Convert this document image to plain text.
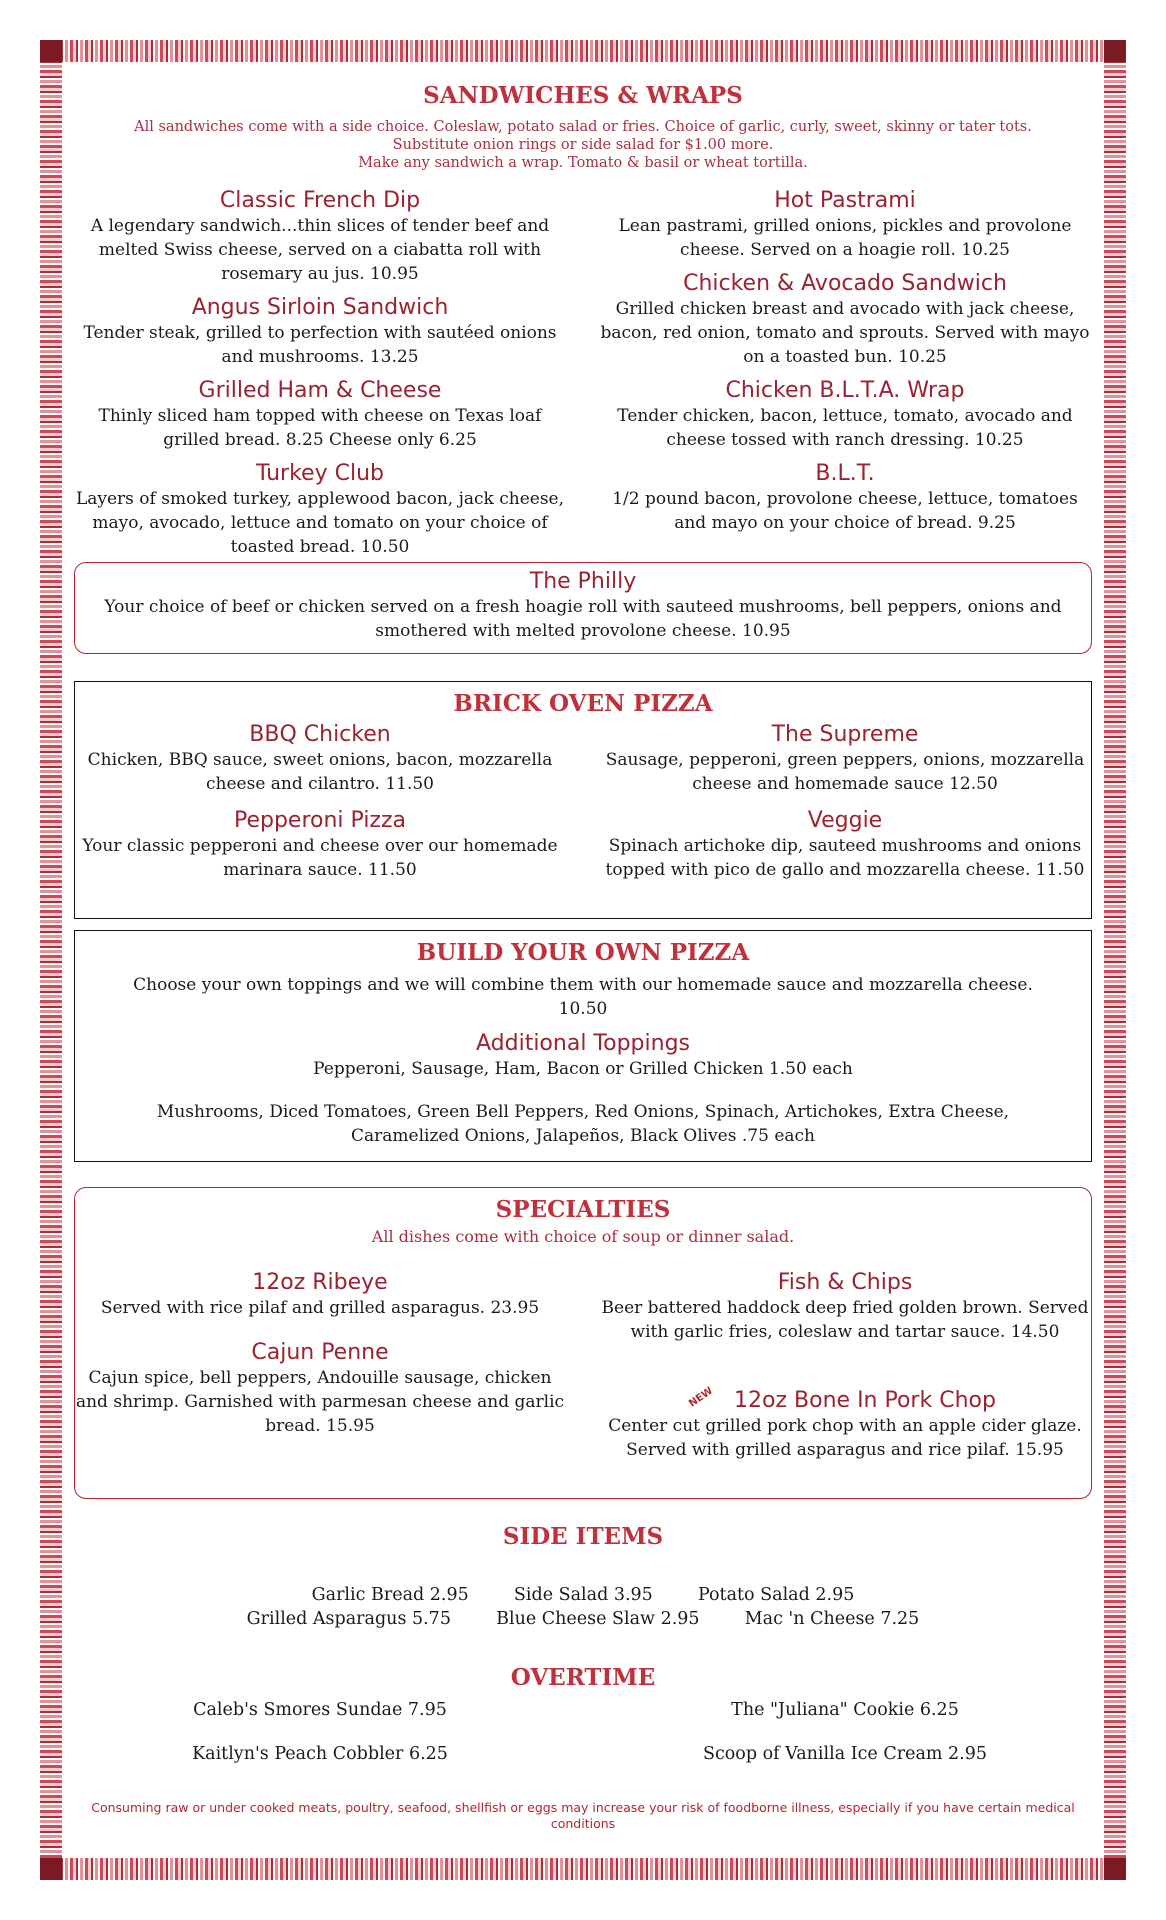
SANDWICHES & WRAPS
All sandwiches come with a side choice. Coleslaw, potato salad or fries. Choice of garlic, curly, sweet, skinny or tater tots.
Substitute onion rings or side salad for $1.00 more.
Make any sandwich a wrap. Tomato & basil or wheat tortilla.
Classic French Dip
A legendary sandwich...thin slices of tender beef and melted Swiss cheese, served on a ciabatta roll with rosemary au jus. 10.95
Angus Sirloin Sandwich
Tender steak, grilled to perfection with sautéed onions and mushrooms. 13.25
Grilled Ham & Cheese
Thinly sliced ham topped with cheese on Texas loaf grilled bread. 8.25 Cheese only 6.25
Turkey Club
Layers of smoked turkey, applewood bacon, jack cheese, mayo, avocado, lettuce and tomato on your choice of toasted bread. 10.50
Hot Pastrami
Lean pastrami, grilled onions, pickles and provolone cheese. Served on a hoagie roll. 10.25
Chicken & Avocado Sandwich
Grilled chicken breast and avocado with jack cheese, bacon, red onion, tomato and sprouts. Served with mayo on a toasted bun. 10.25
Chicken B.L.T.A. Wrap
Tender chicken, bacon, lettuce, tomato, avocado and cheese tossed with ranch dressing. 10.25
B.L.T.
1/2 pound bacon, provolone cheese, lettuce, tomatoes and mayo on your choice of bread. 9.25
The Philly
Your choice of beef or chicken served on a fresh hoagie roll with sauteed mushrooms, bell peppers, onions and smothered with melted provolone cheese. 10.95
BRICK OVEN PIZZA
BBQ Chicken
Chicken, BBQ sauce, sweet onions, bacon, mozzarella cheese and cilantro. 11.50
Pepperoni Pizza
Your classic pepperoni and cheese over our homemade marinara sauce. 11.50
The Supreme
Sausage, pepperoni, green peppers, onions, mozzarella cheese and homemade sauce 12.50
Veggie
Spinach artichoke dip, sauteed mushrooms and onions topped with pico de gallo and mozzarella cheese. 11.50
BUILD YOUR OWN PIZZA
Choose your own toppings and we will combine them with our homemade sauce and mozzarella cheese.
10.50
Additional Toppings
Pepperoni, Sausage, Ham, Bacon or Grilled Chicken 1.50 each
Mushrooms, Diced Tomatoes, Green Bell Peppers, Red Onions, Spinach, Artichokes, Extra Cheese, Caramelized Onions, Jalapeños, Black Olives .75 each
SPECIALTIES
All dishes come with choice of soup or dinner salad.
12oz Ribeye
Served with rice pilaf and grilled asparagus. 23.95
Cajun Penne
Cajun spice, bell peppers, Andouille sausage, chicken and shrimp. Garnished with parmesan cheese and garlic bread. 15.95
Fish & Chips
Beer battered haddock deep fried golden brown. Served with garlic fries, coleslaw and tartar sauce. 14.50
12oz Bone In Pork Chop
Center cut grilled pork chop with an apple cider glaze. Served with grilled asparagus and rice pilaf. 15.95
NEW
SIDE ITEMS
Garlic Bread 2.95	Side Salad 3.95	Potato Salad 2.95
Grilled Asparagus 5.75	Blue Cheese Slaw 2.95	Mac 'n Cheese 7.25
OVERTIME
Caleb's Smores Sundae 7.95
Kaitlyn's Peach Cobbler 6.25
The "Juliana" Cookie 6.25
Scoop of Vanilla Ice Cream 2.95
Consuming raw or under cooked meats, poultry, seafood, shellfish or eggs may increase your risk of foodborne illness, especially if you have certain medical conditions
